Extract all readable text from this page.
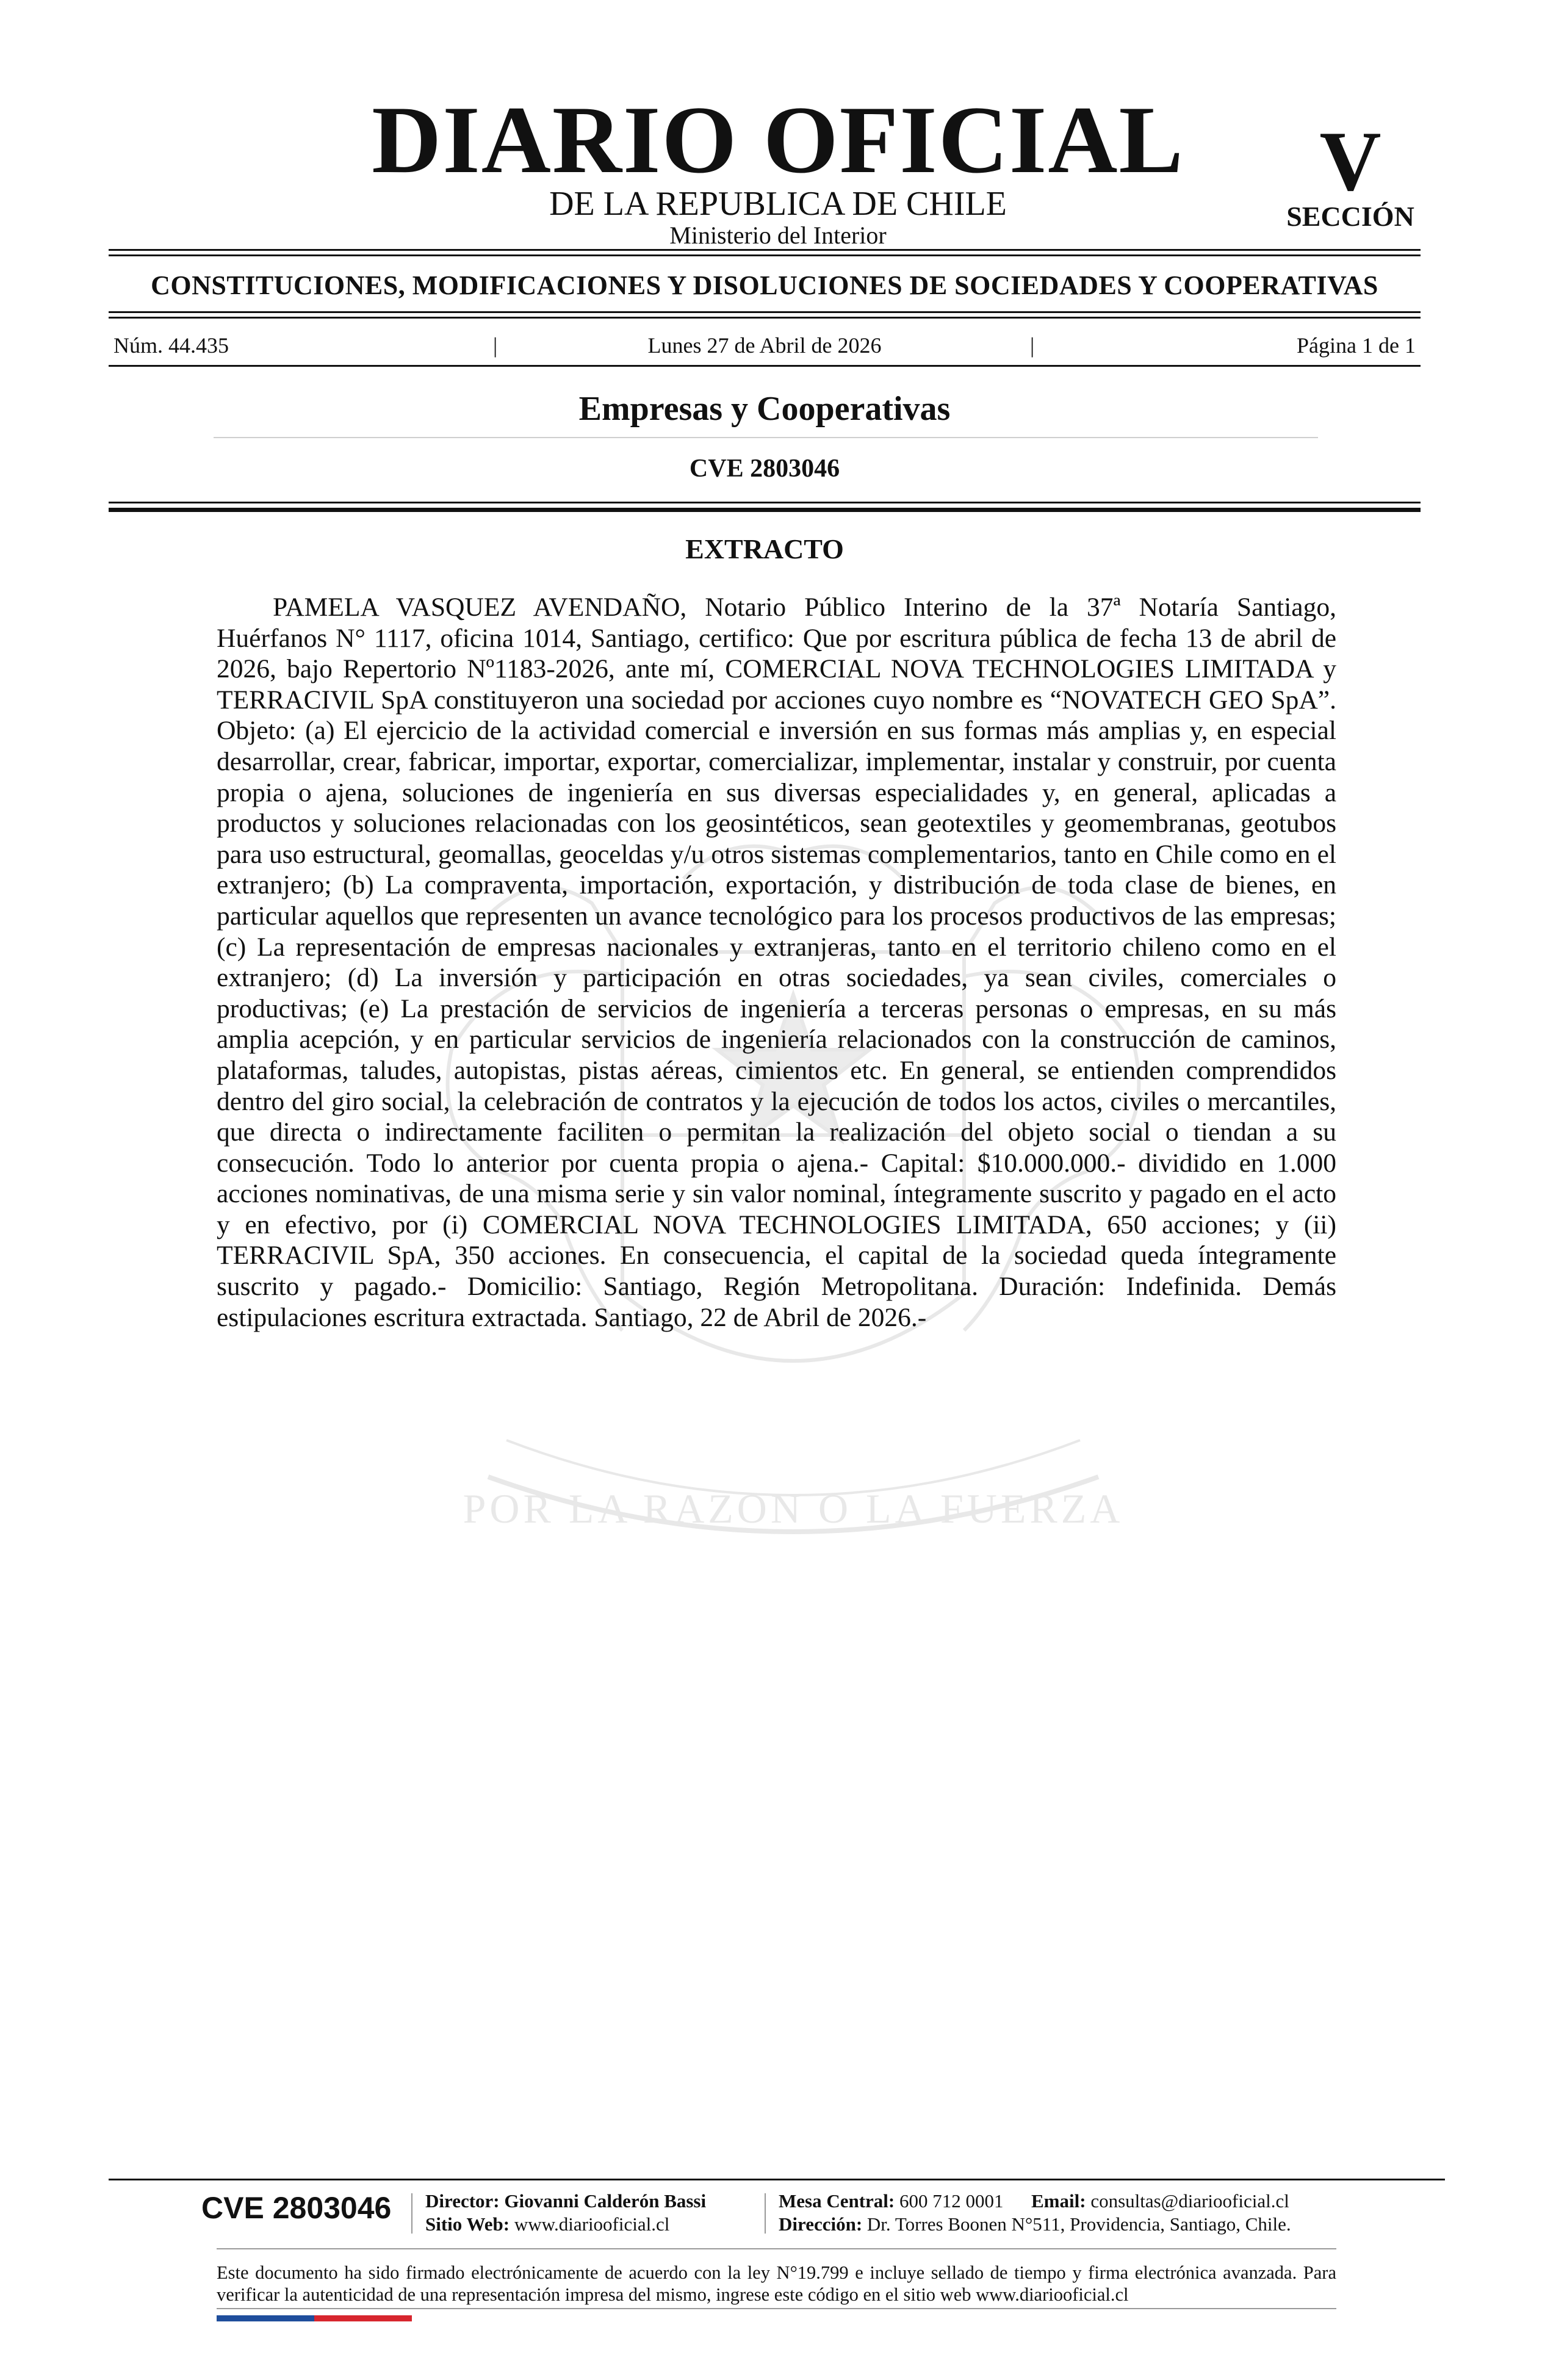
DIARIO OFICIAL
DE LA REPUBLICA DE CHILE
Ministerio del Interior
V
SECCIÓN
CONSTITUCIONES, MODIFICACIONES Y DISOLUCIONES DE SOCIEDADES Y COOPERATIVAS
Núm. 44.435	|	Lunes 27 de Abril de 2026	|	Página 1 de 1
Empresas y Cooperativas
CVE 2803046
POR LA RAZON O LA FUERZA
EXTRACTO
PAMELA VASQUEZ AVENDAÑO, Notario Público Interino de la 37ª Notaría Santiago, Huérfanos N° 1117, oficina 1014, Santiago, certifico: Que por escritura pública de fecha 13 de abril de 2026, bajo Repertorio Nº1183-2026, ante mí, COMERCIAL NOVA TECHNOLOGIES LIMITADA y TERRACIVIL SpA constituyeron una sociedad por acciones cuyo nombre es “NOVATECH GEO SpA”. Objeto: (a) El ejercicio de la actividad comercial e inversión en sus formas más amplias y, en especial desarrollar, crear, fabricar, importar, exportar, comercializar, implementar, instalar y construir, por cuenta propia o ajena, soluciones de ingeniería en sus diversas especialidades y, en general, aplicadas a productos y soluciones relacionadas con los geosintéticos, sean geotextiles y geomembranas, geotubos para uso estructural, geomallas, geoceldas y/u otros sistemas complementarios, tanto en Chile como en el extranjero; (b) La compraventa, importación, exportación, y distribución de toda clase de bienes, en particular aquellos que representen un avance tecnológico para los procesos productivos de las empresas; (c) La representación de empresas nacionales y extranjeras, tanto en el territorio chileno como en el extranjero; (d) La inversión y participación en otras sociedades, ya sean civiles, comerciales o productivas; (e) La prestación de servicios de ingeniería a terceras personas o empresas, en su más amplia acepción, y en particular servicios de ingeniería relacionados con la construcción de caminos, plataformas, taludes, autopistas, pistas aéreas, cimientos etc. En general, se entienden comprendidos dentro del giro social, la celebración de contratos y la ejecución de todos los actos, civiles o mercantiles, que directa o indirectamente faciliten o permitan la realización del objeto social o tiendan a su consecución. Todo lo anterior por cuenta propia o ajena.- Capital: $10.000.000.- dividido en 1.000 acciones nominativas, de una misma serie y sin valor nominal, íntegramente suscrito y pagado en el acto y en efectivo, por (i) COMERCIAL NOVA TECHNOLOGIES LIMITADA, 650 acciones; y (ii) TERRACIVIL SpA, 350 acciones. En consecuencia, el capital de la sociedad queda íntegramente suscrito y pagado.- Domicilio: Santiago, Región Metropolitana. Duración: Indefinida. Demás estipulaciones escritura extractada. Santiago, 22 de Abril de 2026.-
CVE 2803046 Director: Giovanni Calderón Bassi
Sitio Web: www.diariooficial.cl
Mesa Central: 600 712 0001 Email: consultas@diariooficial.cl
Dirección: Dr. Torres Boonen N°511, Providencia, Santiago, Chile.
Este documento ha sido firmado electrónicamente de acuerdo con la ley N°19.799 e incluye sellado de tiempo y firma electrónica avanzada. Para verificar la autenticidad de una representación impresa del mismo, ingrese este código en el sitio web www.diariooficial.cl
